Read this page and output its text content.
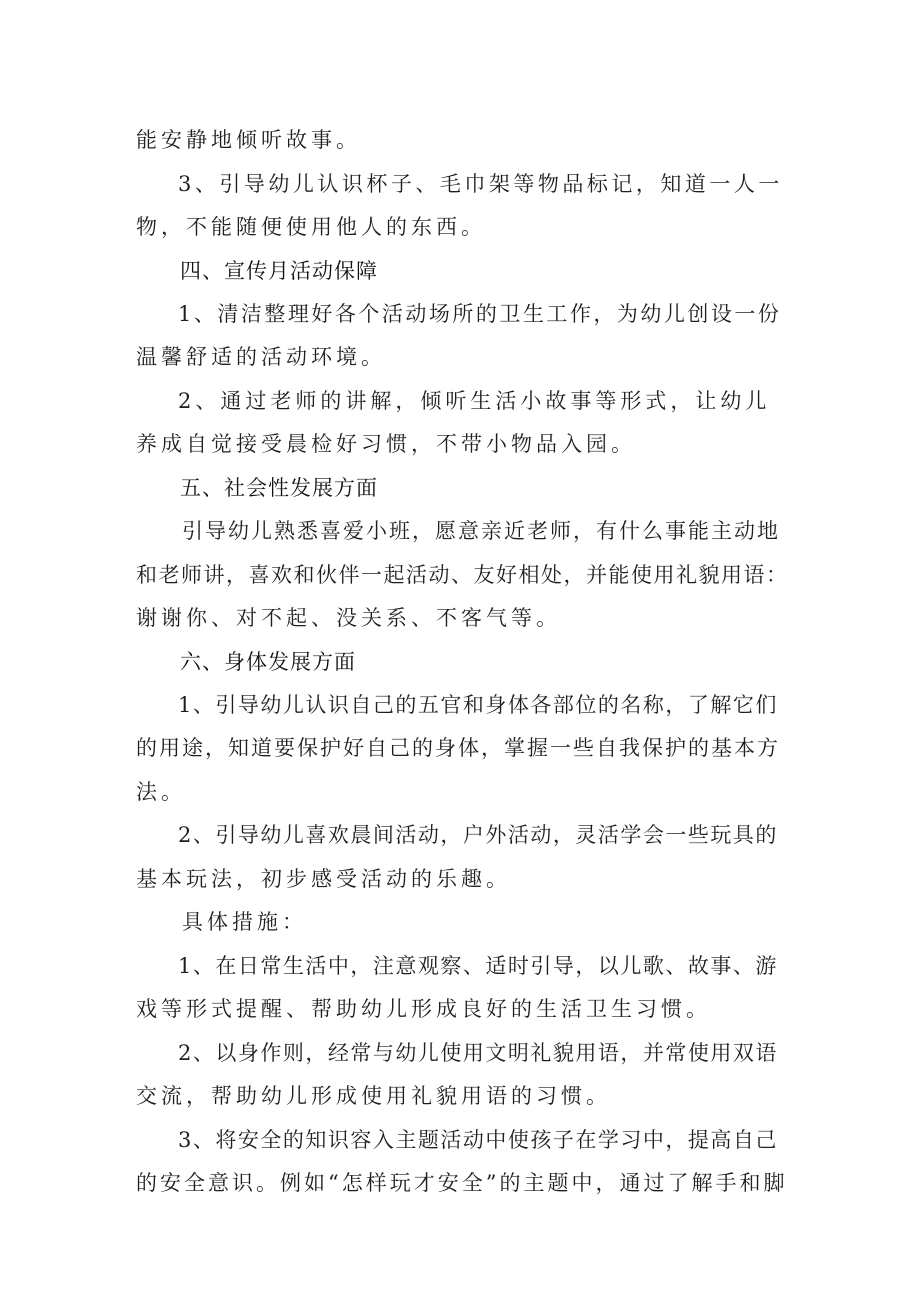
能安静地倾听故事。
3、引导幼儿认识杯子、毛巾架等物品标记，知道一人一
物，不能随便使用他人的东西。
四、宣传月活动保障
1、清洁整理好各个活动场所的卫生工作，为幼儿创设一份
温馨舒适的活动环境。
2、通过老师的讲解，倾听生活小故事等形式，让幼儿
养成自觉接受晨检好习惯，不带小物品入园。
五、社会性发展方面
引导幼儿熟悉喜爱小班，愿意亲近老师，有什么事能主动地
和老师讲，喜欢和伙伴一起活动、友好相处，并能使用礼貌用语：
谢谢你、对不起、没关系、不客气等。
六、身体发展方面
1、引导幼儿认识自己的五官和身体各部位的名称，了解它们
的用途，知道要保护好自己的身体，掌握一些自我保护的基本方
法。
2、引导幼儿喜欢晨间活动，户外活动，灵活学会一些玩具的
基本玩法，初步感受活动的乐趣。
具体措施：
1、在日常生活中，注意观察、适时引导，以儿歌、故事、游
戏等形式提醒、帮助幼儿形成良好的生活卫生习惯。
2、以身作则，经常与幼儿使用文明礼貌用语，并常使用双语
交流，帮助幼儿形成使用礼貌用语的习惯。
3、将安全的知识容入主题活动中使孩子在学习中，提高自己
的安全意识。例如“怎样玩才安全”的主题中，通过了解手和脚
